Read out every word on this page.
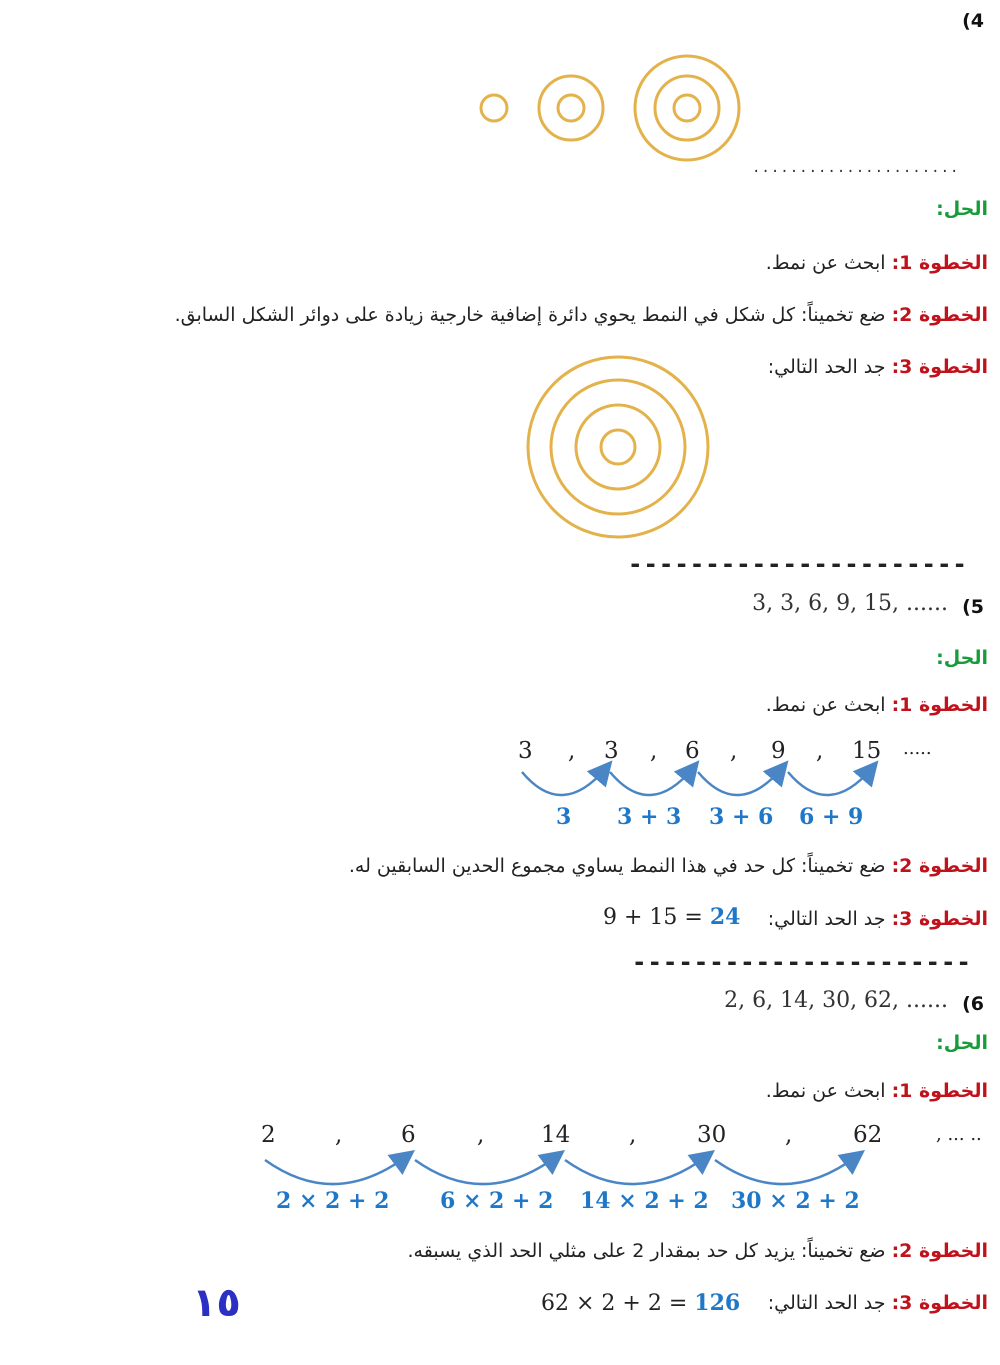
(4
......................
الحل:
الخطوة 1: ابحث عن نمط.
الخطوة 2: ضع تخميناً: كل شكل في النمط يحوي دائرة إضافية خارجية زيادة على دوائر الشكل السابق.
الخطوة 3: جد الحد التالي:
----------------------
(5
3, 3, 6, 9, 15, ......
الحل:
الخطوة 1: ابحث عن نمط.
3 , 3 , 6 , 9 , 15 .....
3 3 + 3 3 + 6 6 + 9
الخطوة 2: ضع تخميناً: كل حد في هذا النمط يساوي مجموع الحدين السابقين له.
الخطوة 3: جد الحد التالي:
9 + 15 = 24
----------------------
(6
2, 6, 14, 30, 62, ......
الحل:
الخطوة 1: ابحث عن نمط.
2	,	6	, 14	,	30	,	62	, ... ..
2 × 2 + 2 6 × 2 + 2 14 × 2 + 2 30 × 2 + 2
الخطوة 2: ضع تخميناً: يزيد كل حد بمقدار 2 على مثلي الحد الذي يسبقه.
الخطوة 3: جد الحد التالي:
62 × 2 + 2 = 126
١٥
